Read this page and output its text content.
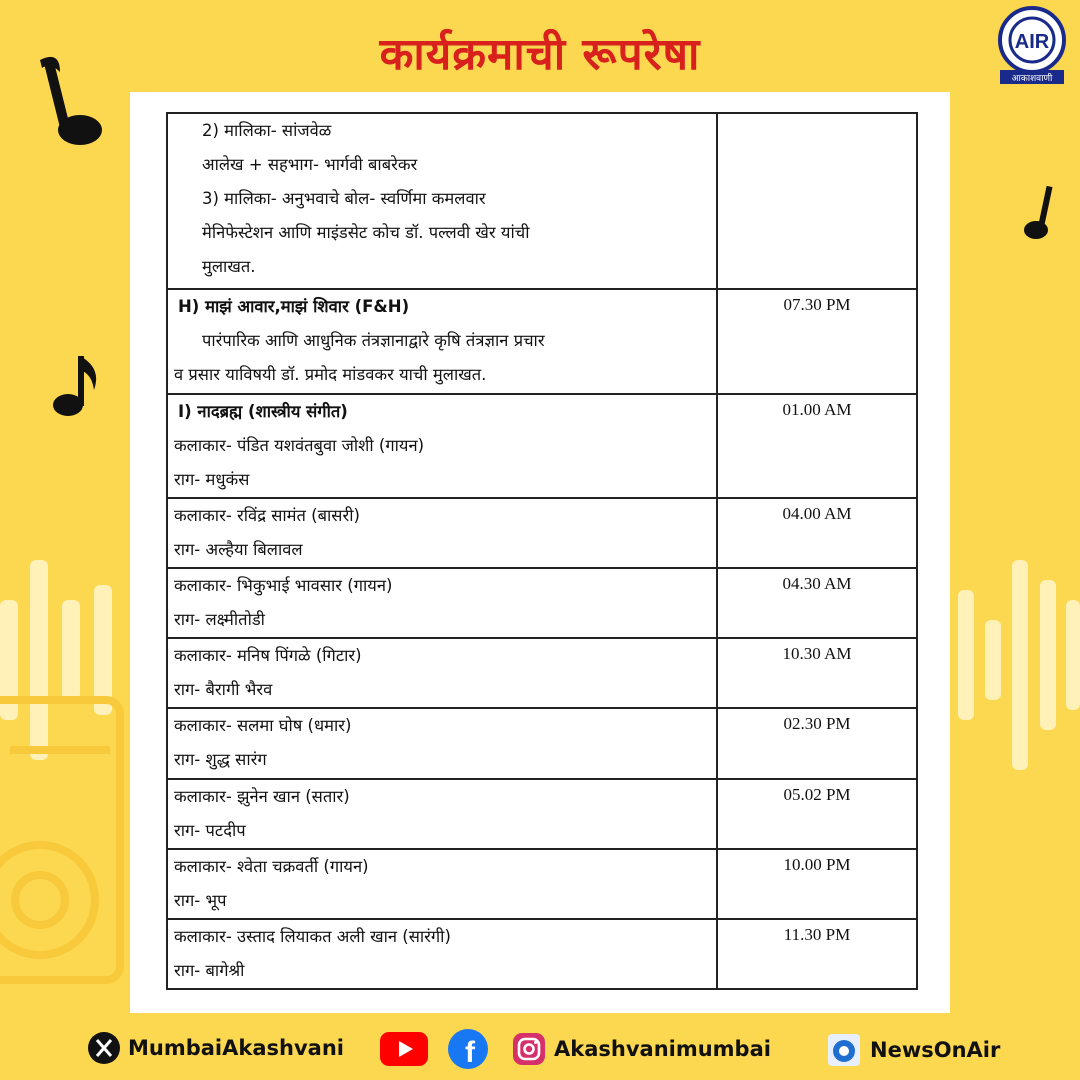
कार्यक्रमाची रूपरेषा	AIR
आकाशवाणी
2) मालिका- सांजवेळ
आलेख + सहभाग- भार्गवी बाबरेकर
3) मालिका- अनुभवाचे बोल- स्वर्णिमा कमलवार
मेनिफेस्टेशन आणि माइंडसेट कोच डॉ. पल्लवी खेर यांची
मुलाखत.	

H) माझं आवार,माझं शिवार (F&H)
पारंपारिक आणि आधुनिक तंत्रज्ञानाद्वारे कृषि तंत्रज्ञान प्रचार
व प्रसार याविषयी डॉ. प्रमोद मांडवकर याची मुलाखत.	07.30 PM

I) नादब्रह्म (शास्त्रीय संगीत)
कलाकार- पंडित यशवंतबुवा जोशी (गायन)
राग- मधुकंस	01.00 AM

कलाकार- रविंद्र सामंत (बासरी)
राग- अल्हैया बिलावल	04.00 AM

कलाकार- भिकुभाई भावसार (गायन)
राग- लक्ष्मीतोडी	04.30 AM

कलाकार- मनिष पिंगळे (गिटार)
राग- बैरागी भैरव	10.30 AM

कलाकार- सलमा घोष (धमार)
राग- शुद्ध सारंग	02.30 PM

कलाकार- झुनेन खान (सतार)
राग- पटदीप	05.02 PM

कलाकार- श्वेता चक्रवर्ती (गायन)
राग- भूप	10.00 PM

कलाकार- उस्ताद लियाकत अली खान (सारंगी)
राग- बागेश्री	11.30 PM
MumbaiAkashvani	f	Akashvanimumbai	NewsOnAir
